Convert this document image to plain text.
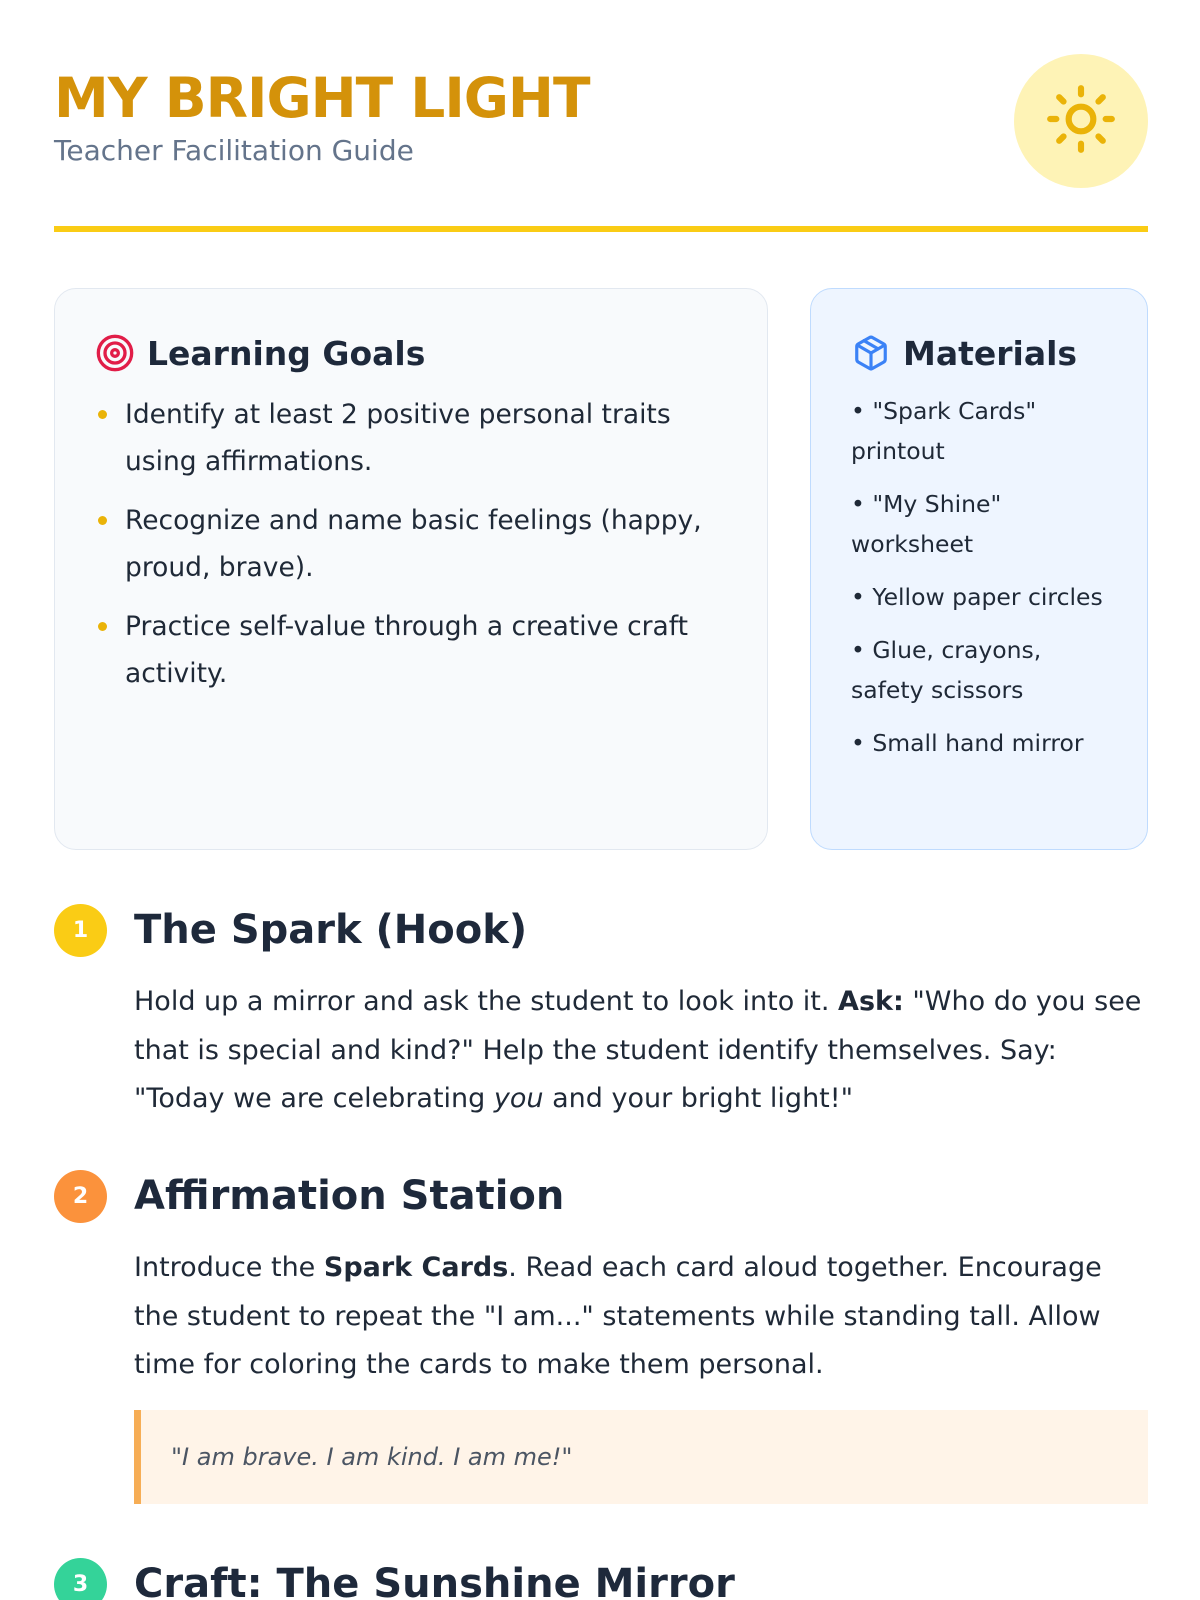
MY BRIGHT LIGHT
Teacher Facilitation Guide
Learning Goals
Identify at least 2 positive personal traits using affirmations.
Recognize and name basic feelings (happy, proud, brave).
Practice self-value through a creative craft activity.
Materials
• "Spark Cards" printout
• "My Shine" worksheet
• Yellow paper circles
• Glue, crayons, safety scissors
• Small hand mirror
1	The Spark (Hook)
Hold up a mirror and ask the student to look into it. Ask: "Who do you see that is special and kind?" Help the student identify themselves. Say: "Today we are celebrating you and your bright light!"
2	Affirmation Station
Introduce the Spark Cards. Read each card aloud together. Encourage the student to repeat the "I am..." statements while standing tall. Allow time for coloring the cards to make them personal.
"I am brave. I am kind. I am me!"
3	Craft: The Sunshine Mirror
